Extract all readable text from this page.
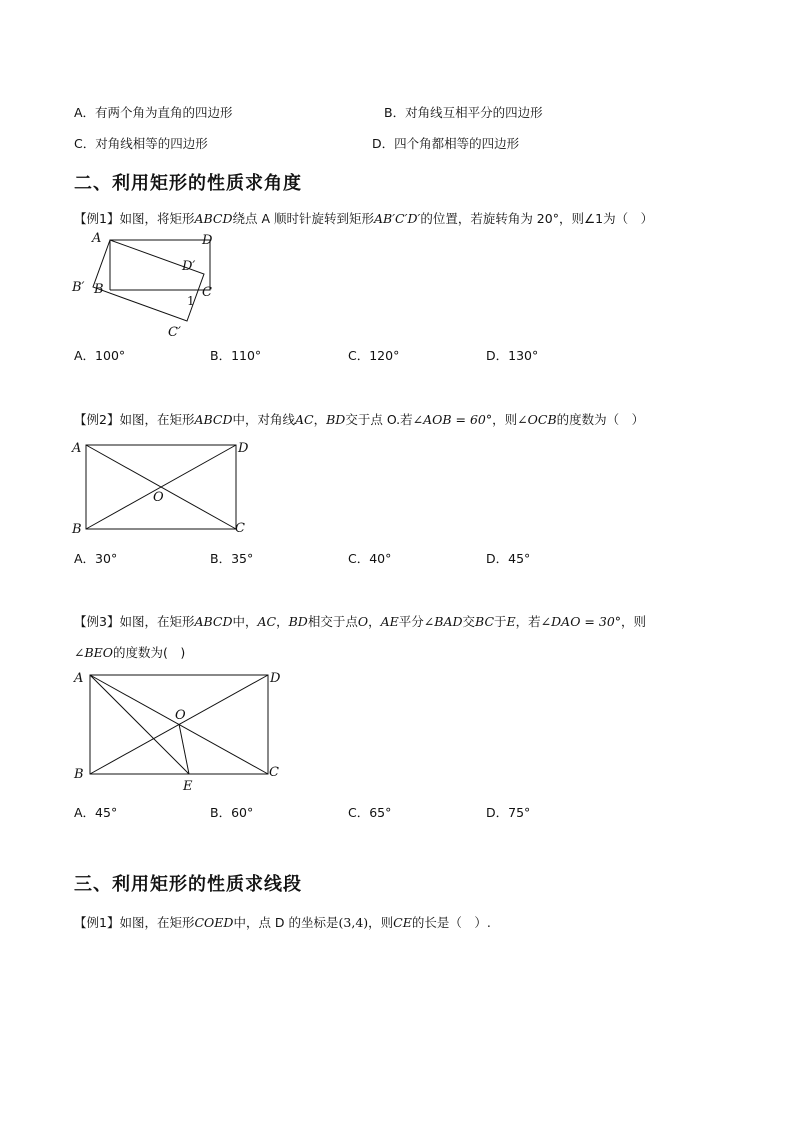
A．有两个角为直角的四边形	B．对角线互相平分的四边形
C．对角线相等的四边形	D．四个角都相等的四边形
二、利用矩形的性质求角度
【例1】如图，将矩形ABCD绕点 A 顺时针旋转到矩形AB′C′D′的位置，若旋转角为 20°，则∠1为（　）
A	D
D′
B
B′	C
C′
1
A．100°	B．110°	C．120°	D．130°
【例2】如图，在矩形ABCD中，对角线AC，BD交于点 O.若∠AOB = 60°，则∠OCB的度数为（　）
A	D
B	C
O
A．30°	B．35°	C．40°	D．45°
【例3】如图，在矩形ABCD中，AC，BD相交于点O，AE平分∠BAD交BC于E，若∠DAO = 30°，则
∠BEO的度数为(　)
A	D
B	C
O
E
A．45°	B．60°	C．65°	D．75°
三、利用矩形的性质求线段
【例1】如图，在矩形COED中，点 D 的坐标是(3,4)，则CE的长是（　）.
